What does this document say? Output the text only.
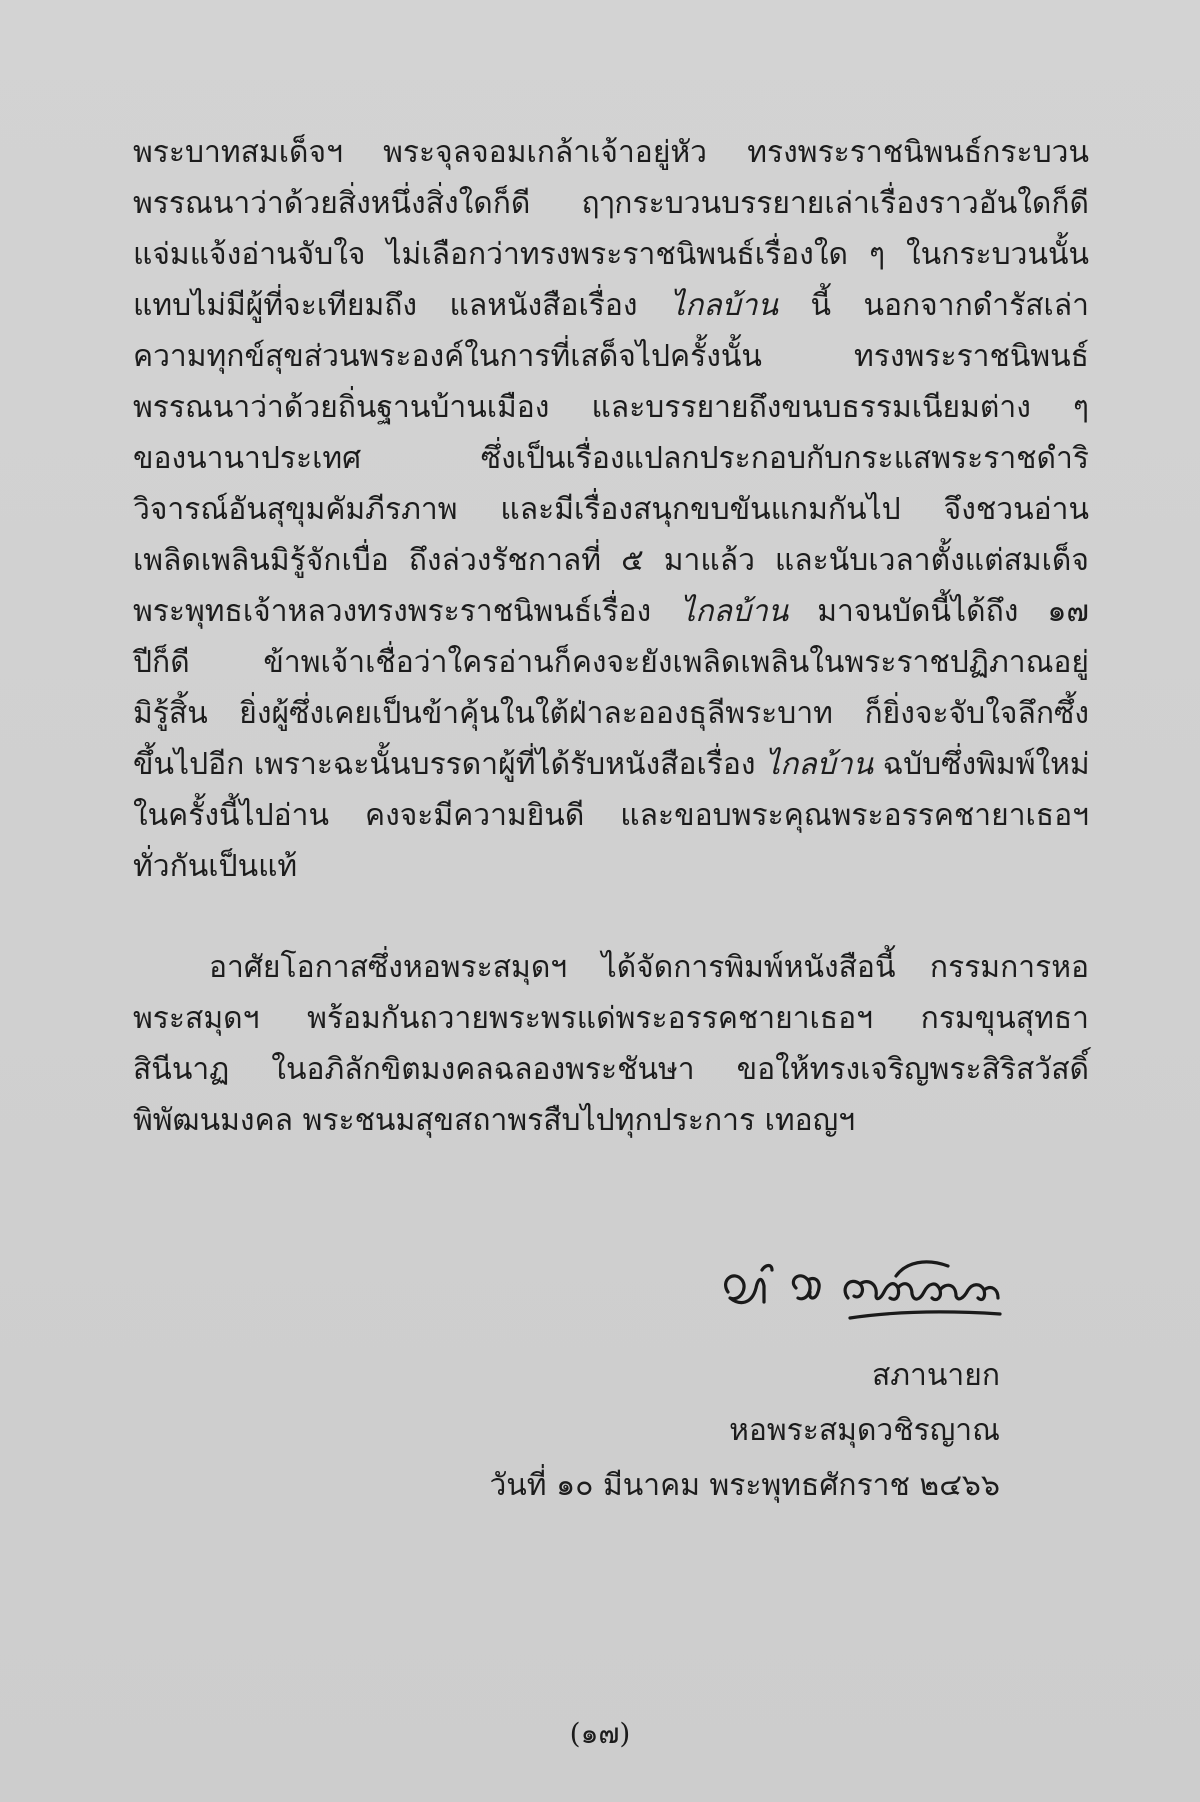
พระบาทสมเด็จฯ พระจุลจอมเกล้าเจ้าอยู่หัว ทรงพระราชนิพนธ์กระบวน
พรรณนาว่าด้วยสิ่งหนึ่งสิ่งใดก็ดี ฤๅกระบวนบรรยายเล่าเรื่องราวอันใดก็ดี
แจ่มแจ้งอ่านจับใจ ไม่เลือกว่าทรงพระราชนิพนธ์เรื่องใด ๆ ในกระบวนนั้น
แทบไม่มีผู้ที่จะเทียมถึง แลหนังสือเรื่อง ไกลบ้าน นี้ นอกจากดำรัสเล่า
ความทุกข์สุขส่วนพระองค์ในการที่เสด็จไปครั้งนั้น ทรงพระราชนิพนธ์
พรรณนาว่าด้วยถิ่นฐานบ้านเมือง และบรรยายถึงขนบธรรมเนียมต่าง ๆ
ของนานาประเทศ ซึ่งเป็นเรื่องแปลกประกอบกับกระแสพระราชดำริ
วิจารณ์อันสุขุมคัมภีรภาพ และมีเรื่องสนุกขบขันแกมกันไป จึงชวนอ่าน
เพลิดเพลินมิรู้จักเบื่อ ถึงล่วงรัชกาลที่ ๕ มาแล้ว และนับเวลาตั้งแต่สมเด็จ
พระพุทธเจ้าหลวงทรงพระราชนิพนธ์เรื่อง ไกลบ้าน มาจนบัดนี้ได้ถึง ๑๗
ปีก็ดี ข้าพเจ้าเชื่อว่าใครอ่านก็คงจะยังเพลิดเพลินในพระราชปฏิภาณอยู่
มิรู้สิ้น ยิ่งผู้ซึ่งเคยเป็นข้าคุ้นในใต้ฝ่าละอองธุลีพระบาท ก็ยิ่งจะจับใจลึกซึ้ง
ขึ้นไปอีก เพราะฉะนั้นบรรดาผู้ที่ได้รับหนังสือเรื่อง ไกลบ้าน ฉบับซึ่งพิมพ์ใหม่
ในครั้งนี้ไปอ่าน คงจะมีความยินดี และขอบพระคุณพระอรรคชายาเธอฯ
ทั่วกันเป็นแท้
อาศัยโอกาสซึ่งหอพระสมุดฯ ได้จัดการพิมพ์หนังสือนี้ กรรมการหอ
พระสมุดฯ พร้อมกันถวายพระพรแด่พระอรรคชายาเธอฯ กรมขุนสุทธา
สินีนาฏ ในอภิลักขิตมงคลฉลองพระชันษา ขอให้ทรงเจริญพระสิริสวัสดิ์
พิพัฒนมงคล พระชนมสุขสถาพรสืบไปทุกประการ เทอญฯ
สภานายก
หอพระสมุดวชิรญาณ
วันที่ ๑๐ มีนาคม พระพุทธศักราช ๒๔๖๖
(๑๗)
